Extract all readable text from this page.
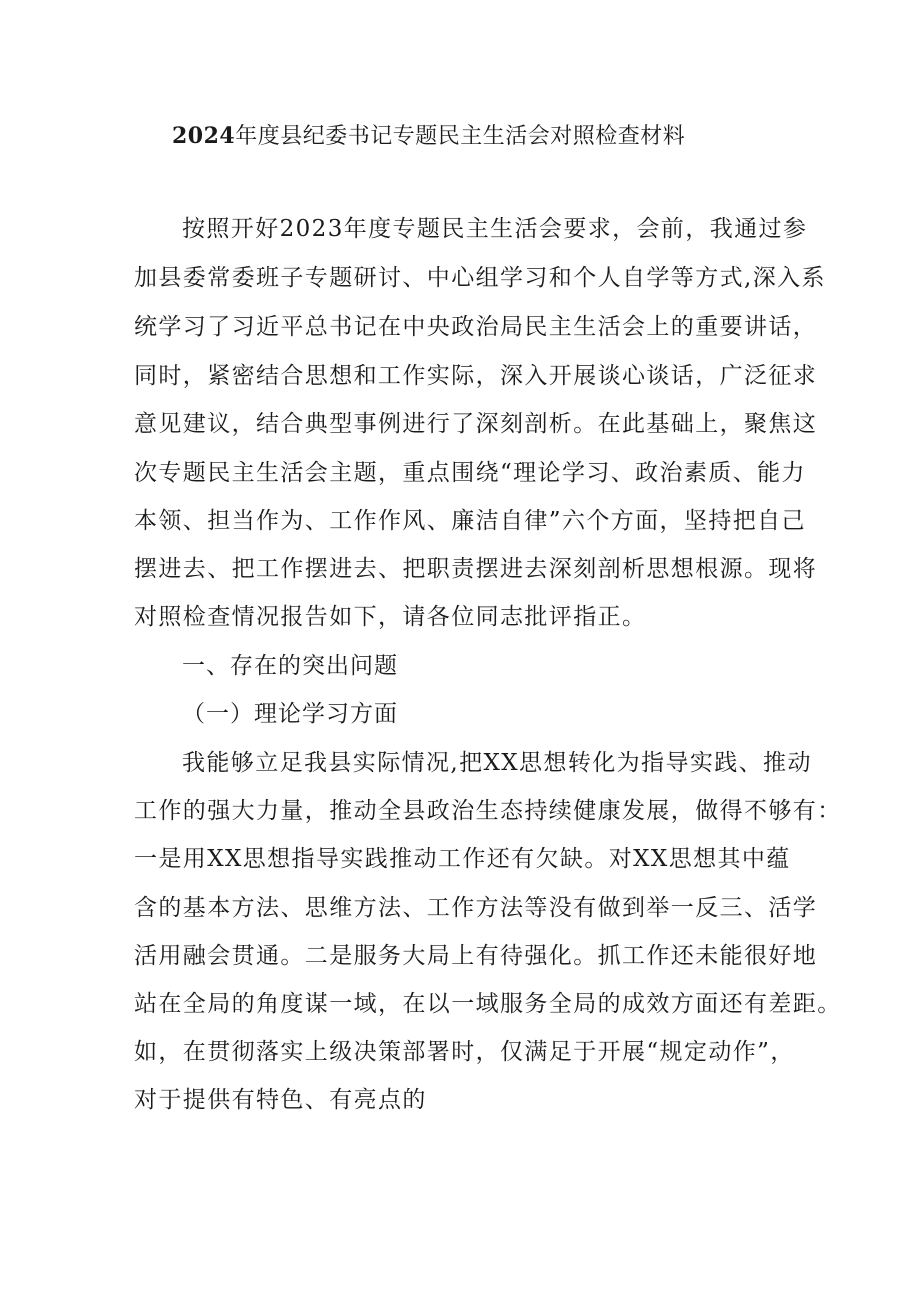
2024年度县纪委书记专题民主生活会对照检查材料
按照开好2023年度专题民主生活会要求，会前，我通过参
加县委常委班子专题研讨、中心组学习和个人自学等方式,深入系
统学习了习近平总书记在中央政治局民主生活会上的重要讲话，
同时，紧密结合思想和工作实际，深入开展谈心谈话，广泛征求
意见建议，结合典型事例进行了深刻剖析。在此基础上，聚焦这
次专题民主生活会主题，重点围绕“理论学习、政治素质、能力
本领、担当作为、工作作风、廉洁自律”六个方面，坚持把自己
摆进去、把工作摆进去、把职责摆进去深刻剖析思想根源。现将
对照检查情况报告如下，请各位同志批评指正。
一、存在的突出问题
（一）理论学习方面
我能够立足我县实际情况,把XX思想转化为指导实践、推动
工作的强大力量，推动全县政治生态持续健康发展，做得不够有：
一是用XX思想指导实践推动工作还有欠缺。对XX思想其中蕴
含的基本方法、思维方法、工作方法等没有做到举一反三、活学
活用融会贯通。二是服务大局上有待强化。抓工作还未能很好地
站在全局的角度谋一域，在以一域服务全局的成效方面还有差距。
如，在贯彻落实上级决策部署时，仅满足于开展“规定动作”，
对于提供有特色、有亮点的
